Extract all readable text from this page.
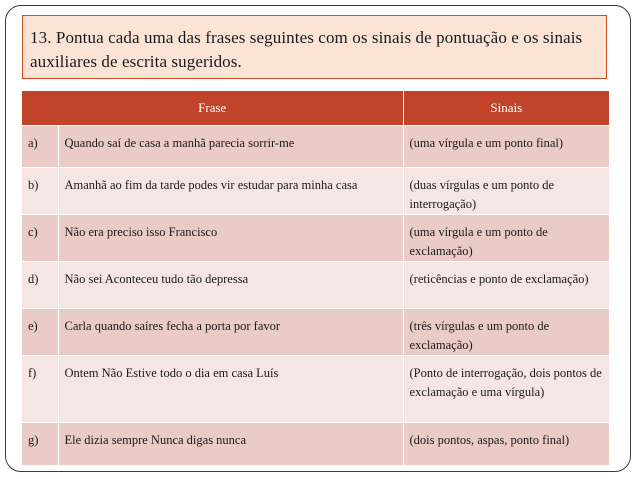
13. Pontua cada uma das frases seguintes com os sinais de pontuação e os sinais auxiliares de escrita sugeridos.
Frase		Sinais
a)	Quando saí de casa a manhã parecia sorrir-me	(uma vírgula e um ponto final)
b)	Amanhã ao fim da tarde podes vir estudar para minha casa	(duas vírgulas e um ponto de interrogação)
c)	Não era preciso isso Francisco	(uma vírgula e um ponto de exclamação)
d)	Não sei Aconteceu tudo tão depressa	(reticências e ponto de exclamação)
e)	Carla quando saíres fecha a porta por favor	(três vírgulas e um ponto de exclamação)
f)	Ontem Não Estive todo o dia em casa Luís	(Ponto de interrogação, dois pontos de exclamação e uma vírgula)
g)	Ele dizia sempre Nunca digas nunca	(dois pontos, aspas, ponto final)
